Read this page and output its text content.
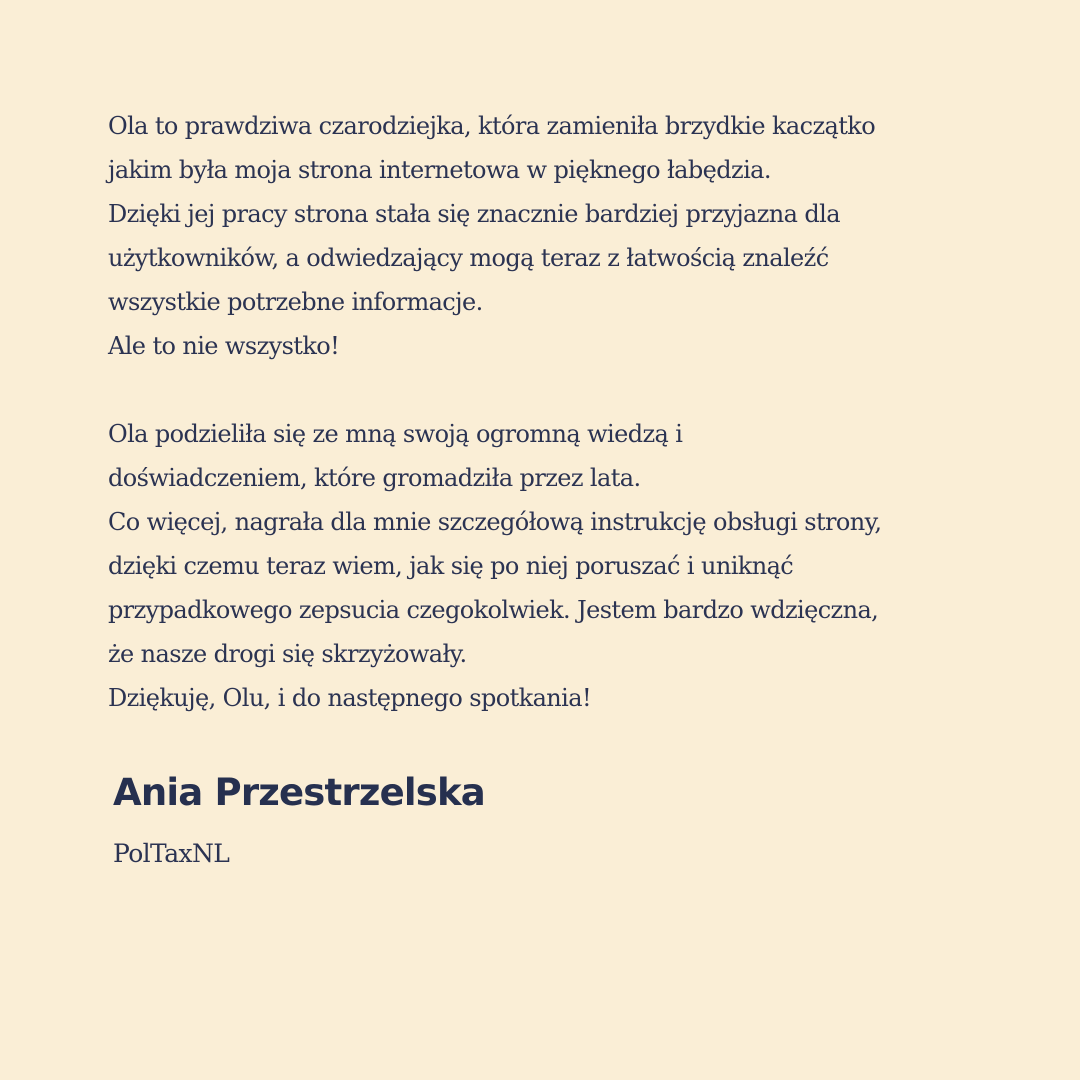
Ola to prawdziwa czarodziejka, która zamieniła brzydkie kaczątko
jakim była moja strona internetowa w pięknego łabędzia.
Dzięki jej pracy strona stała się znacznie bardziej przyjazna dla
użytkowników, a odwiedzający mogą teraz z łatwością znaleźć
wszystkie potrzebne informacje.
Ale to nie wszystko!
Ola podzieliła się ze mną swoją ogromną wiedzą i
doświadczeniem, które gromadziła przez lata.
Co więcej, nagrała dla mnie szczegółową instrukcję obsługi strony,
dzięki czemu teraz wiem, jak się po niej poruszać i uniknąć
przypadkowego zepsucia czegokolwiek. Jestem bardzo wdzięczna,
że nasze drogi się skrzyżowały.
Dziękuję, Olu, i do następnego spotkania!
Ania Przestrzelska
PolTaxNL
